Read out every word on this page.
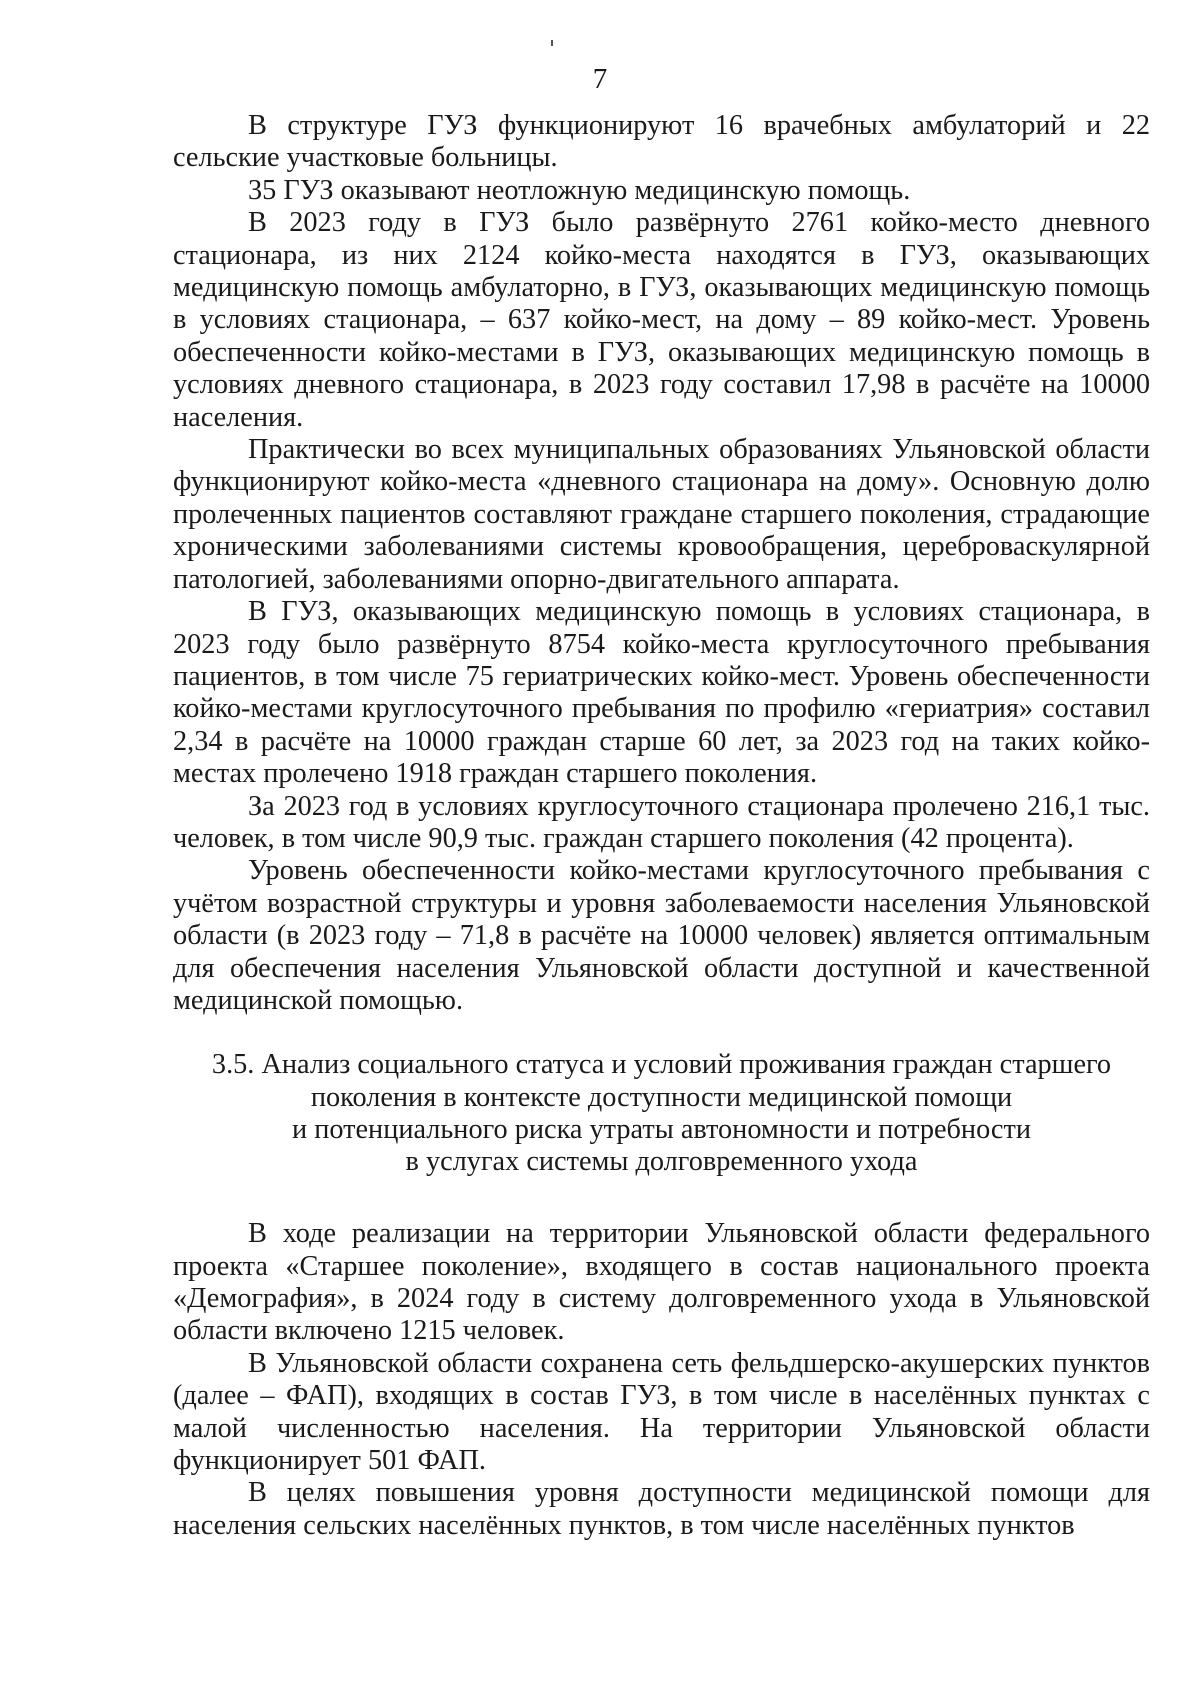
7

В структуре ГУЗ функционируют 16 врачебных амбулаторий и 22 сельские участковые больницы.

35 ГУЗ оказывают неотложную медицинскую помощь.

В 2023 году в ГУЗ было развёрнуто 2761 койко-место дневного стационара, из них 2124 койко-места находятся в ГУЗ, оказывающих медицинскую помощь амбулаторно, в ГУЗ, оказывающих медицинскую помощь в условиях стационара, – 637 койко-мест, на дому – 89 койко-мест. Уровень обеспеченности койко-местами в ГУЗ, оказывающих медицинскую помощь в условиях дневного стационара, в 2023 году составил 17,98 в расчёте на 10000 населения.

Практически во всех муниципальных образованиях Ульяновской области функционируют койко-места «дневного стационара на дому». Основную долю пролеченных пациентов составляют граждане старшего поколения, страдающие хроническими заболеваниями системы кровообращения, цереброваскулярной патологией, заболеваниями опорно-двигательного аппарата.

В ГУЗ, оказывающих медицинскую помощь в условиях стационара, в 2023 году было развёрнуто 8754 койко-места круглосуточного пребывания пациентов, в том числе 75 гериатрических койко-мест. Уровень обеспеченности койко-местами круглосуточного пребывания по профилю «гериатрия» составил 2,34 в расчёте на 10000 граждан старше 60 лет, за 2023 год на таких койко-местах пролечено 1918 граждан старшего поколения.

За 2023 год в условиях круглосуточного стационара пролечено 216,1 тыс. человек, в том числе 90,9 тыс. граждан старшего поколения (42 процента).

Уровень обеспеченности койко-местами круглосуточного пребывания с учётом возрастной структуры и уровня заболеваемости населения Ульяновской области (в 2023 году – 71,8 в расчёте на 10000 человек) является оптимальным для обеспечения населения Ульяновской области доступной и качественной медицинской помощью.

3.5. Анализ социального статуса и условий проживания граждан старшего
поколения в контексте доступности медицинской помощи
и потенциального риска утраты автономности и потребности
в услугах системы долговременного ухода

В ходе реализации на территории Ульяновской области федерального проекта «Старшее поколение», входящего в состав национального проекта «Демография», в 2024 году в систему долговременного ухода в Ульяновской области включено 1215 человек.

В Ульяновской области сохранена сеть фельдшерско-акушерских пунктов (далее – ФАП), входящих в состав ГУЗ, в том числе в населённых пунктах с малой численностью населения. На территории Ульяновской области функционирует 501 ФАП.

В целях повышения уровня доступности медицинской помощи для населения сельских населённых пунктов, в том числе населённых пунктов
